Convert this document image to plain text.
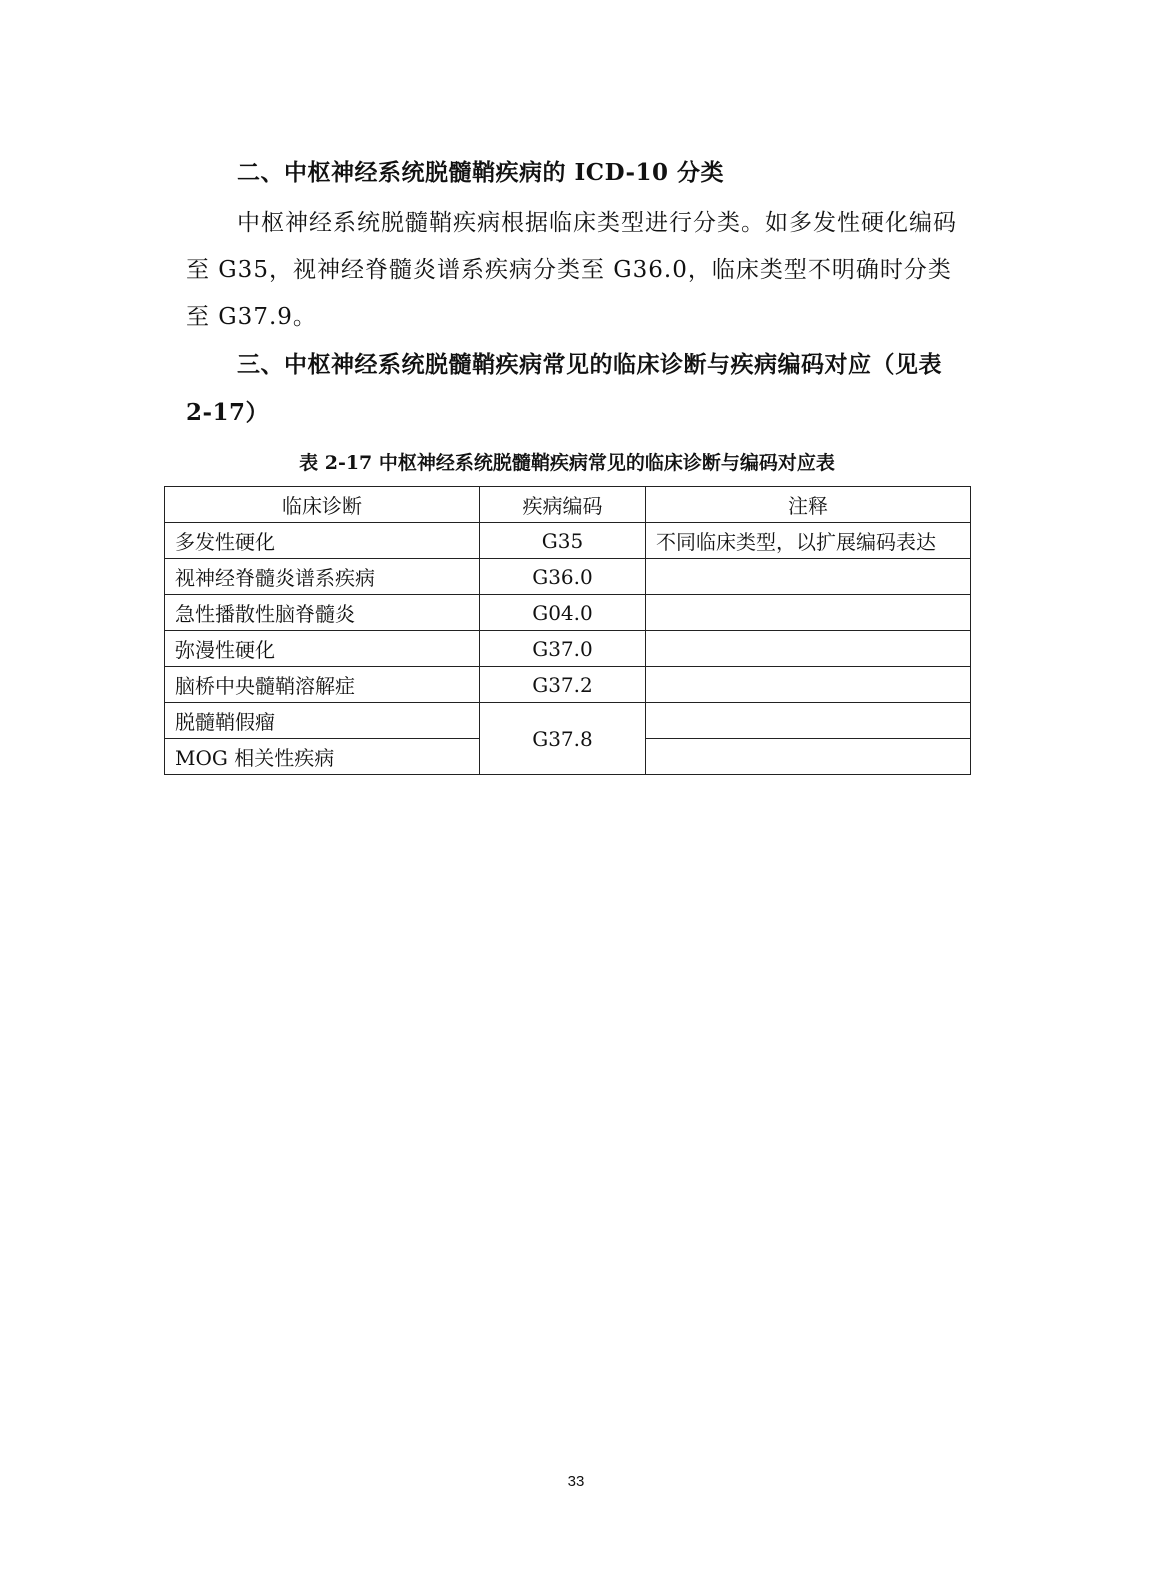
二、中枢神经系统脱髓鞘疾病的 ICD-10 分类

中枢神经系统脱髓鞘疾病根据临床类型进行分类。如多发性硬化编码至 G35，视神经脊髓炎谱系疾病分类至 G36.0，临床类型不明确时分类至 G37.9。

三、中枢神经系统脱髓鞘疾病常见的临床诊断与疾病编码对应（见表 2-17）

表 2-17 中枢神经系统脱髓鞘疾病常见的临床诊断与编码对应表
临床诊断	疾病编码	注释
多发性硬化	G35	不同临床类型，以扩展编码表达
视神经脊髓炎谱系疾病	G36.0	
急性播散性脑脊髓炎	G04.0	
弥漫性硬化	G37.0	
脑桥中央髓鞘溶解症	G37.2	
脱髓鞘假瘤	G37.8	
MOG 相关性疾病		
33
